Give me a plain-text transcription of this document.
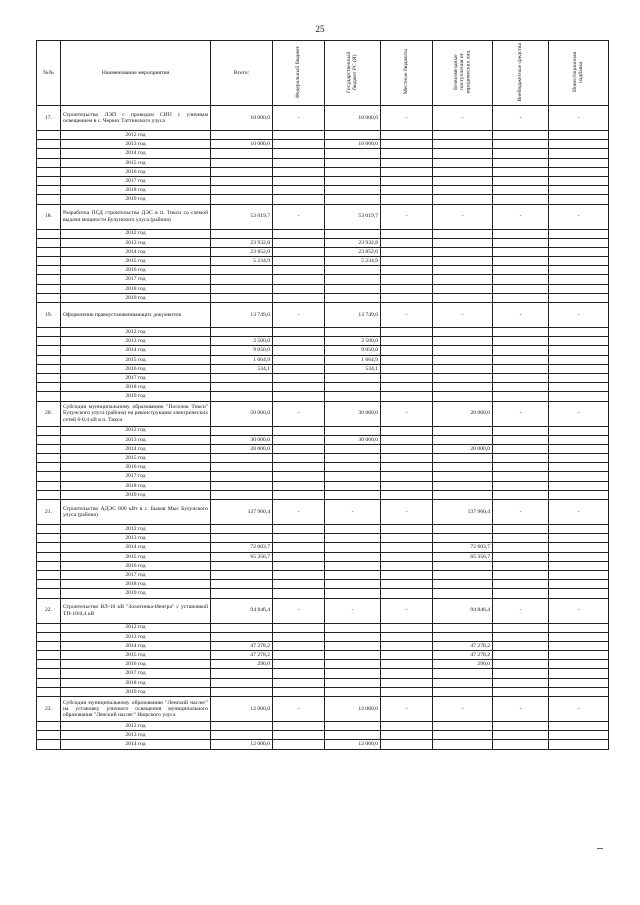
25
№№	Наименование мероприятия	Всего:	Федеральный бюджет	Государственный бюджет РС (Я)	Местные бюджеты	Безвозмездные поступления от юридических лиц	Внебюджетные средства	Инвестиционная надбавка
17.	Строительство ЛЭП с проводом СИП с уличным освещением в с. Черкех Таттинского улуса	10 000,0	-	10 000,0	-	-	-	-
	2012 год							
	2013 год	10 000,0		10 000,0				
	2014 год							
	2015 год							
	2016 год							
	2017 год							
	2018 год							
	2019 год							
18.	Разработка ПСД строительства ДЭС в п. Тикси со схемой выдачи мощности Булунского улуса (района)	53 019,7	-	53 019,7	-	-	-	-
	2012 год							
	2013 год	23 932,8		23 932,8				
	2014 год	23 852,0		23 852,0				
	2015 год	5 234,9		5 234,9				
	2016 год							
	2017 год							
	2018 год							
	2019 год							
19.	Оформление правоустанавливающих документов	13 749,0	-	13 749,0	-	-	-	-
	2012 год							
	2013 год	2 500,0		2 500,0				
	2014 год	9 050,0		9 050,0				
	2015 год	1 664,9		1 664,9				
	2016 год	534,1		534,1				
	2017 год							
	2018 год							
	2019 год							
20.	Субсидия муниципальному образованию "Поселок Тикси" Булунского улуса (района) на реконструкцию электрических сетей 6-0,4 кВ в п. Тикси	50 000,0	-	30 000,0	-	20 000,0	-	-
	2012 год							
	2013 год	30 000,0		30 000,0				
	2014 год	20 000,0				20 000,0		
	2015 год							
	2016 год							
	2017 год							
	2018 год							
	2019 год							
21.	Строительство АДЭС 800 кВт в с. Быков Мыс Булунского улуса (района)	137 960,4	-	-	-	137 960,4	-	-
	2012 год							
	2013 год							
	2014 год	72 603,7				72 603,7		
	2015 год	65 356,7				65 356,7		
	2016 год							
	2017 год							
	2018 год							
	2019 год							
22.	Строительство ВЛ-10 кВ "Золотинка-Иенгра" с установкой ТП-10/0,4 кВ	94 846,4	-	-	-	94 846,4	-	-
	2012 год							
	2013 год							
	2014 год	47 278,2				47 278,2		
	2015 год	47 278,2				47 278,2		
	2016 год	290,0				290,0		
	2017 год							
	2018 год							
	2019 год							
23.	Субсидия муниципальному образованию "Ленский наслег" на установку уличного освещения муниципального образования "Ленский наслег" Нюрского улуса	12 000,0	-	12 000,0	-	-	-	-
	2012 год							
	2013 год							
	2014 год	12 000,0		12 000,0				
